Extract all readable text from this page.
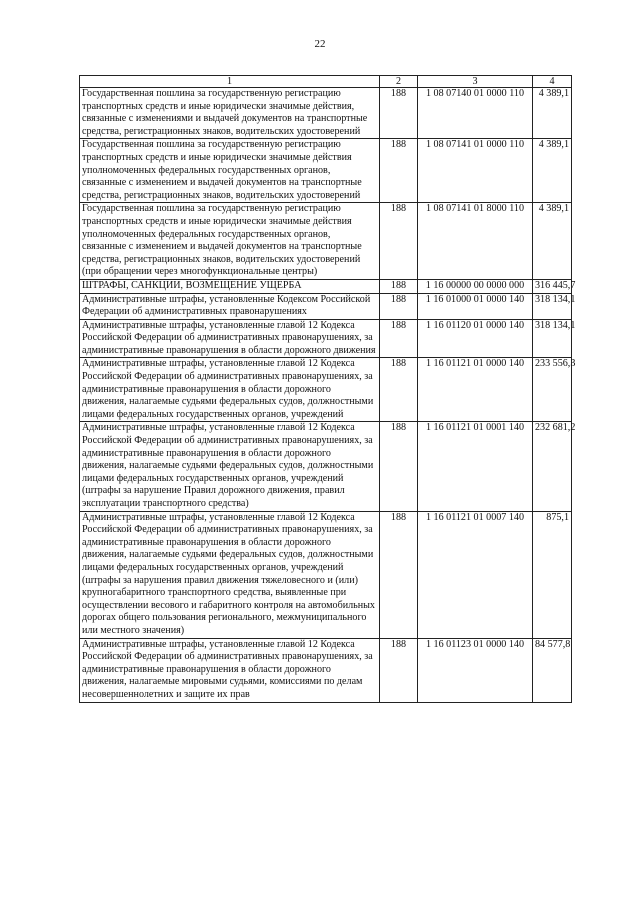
22
1	2	3	4
Государственная пошлина за государственную регистрацию транспортных средств и иные юридически значимые действия, связанные с изменениями и выдачей документов на транспортные средства, регистрационных знаков, водительских удостоверений	188	1 08 07140 01 0000 110	4 389,1
Государственная пошлина за государственную регистрацию транспортных средств и иные юридически значимые действия уполномоченных федеральных государственных органов, связанные с изменением и выдачей документов на транспортные средства, регистрационных знаков, водительских удостоверений	188	1 08 07141 01 0000 110	4 389,1
Государственная пошлина за государственную регистрацию транспортных средств и иные юридически значимые действия уполномоченных федеральных государственных органов, связанные с изменением и выдачей документов на транспортные средства, регистрационных знаков, водительских удостоверений (при обращении через многофункциональные центры)	188	1 08 07141 01 8000 110	4 389,1
ШТРАФЫ, САНКЦИИ, ВОЗМЕЩЕНИЕ УЩЕРБА	188	1 16 00000 00 0000 000	316 445,7
Административные штрафы, установленные Кодексом Российской Федерации об административных правонарушениях	188	1 16 01000 01 0000 140	318 134,1
Административные штрафы, установленные главой 12 Кодекса Российской Федерации об административных правонарушениях, за административные правонарушения в области дорожного движения	188	1 16 01120 01 0000 140	318 134,1
Административные штрафы, установленные главой 12 Кодекса Российской Федерации об административных правонарушениях, за административные правонарушения в области дорожного движения, налагаемые судьями федеральных судов, должностными лицами федеральных государственных органов, учреждений	188	1 16 01121 01 0000 140	233 556,3
Административные штрафы, установленные главой 12 Кодекса Российской Федерации об административных правонарушениях, за административные правонарушения в области дорожного движения, налагаемые судьями федеральных судов, должностными лицами федеральных государственных органов, учреждений (штрафы за нарушение Правил дорожного движения, правил эксплуатации транспортного средства)	188	1 16 01121 01 0001 140	232 681,2
Административные штрафы, установленные главой 12 Кодекса Российской Федерации об административных правонарушениях, за административные правонарушения в области дорожного движения, налагаемые судьями федеральных судов, должностными лицами федеральных государственных органов, учреждений (штрафы за нарушения правил движения тяжеловесного и (или) крупногабаритного транспортного средства, выявленные при осуществлении весового и габаритного контроля на автомобильных дорогах общего пользования регионального, межмуниципального или местного значения)	188	1 16 01121 01 0007 140	875,1
Административные штрафы, установленные главой 12 Кодекса Российской Федерации об административных правонарушениях, за административные правонарушения в области дорожного движения, налагаемые мировыми судьями, комиссиями по делам несовершеннолетних и защите их прав	188	1 16 01123 01 0000 140	84 577,8
